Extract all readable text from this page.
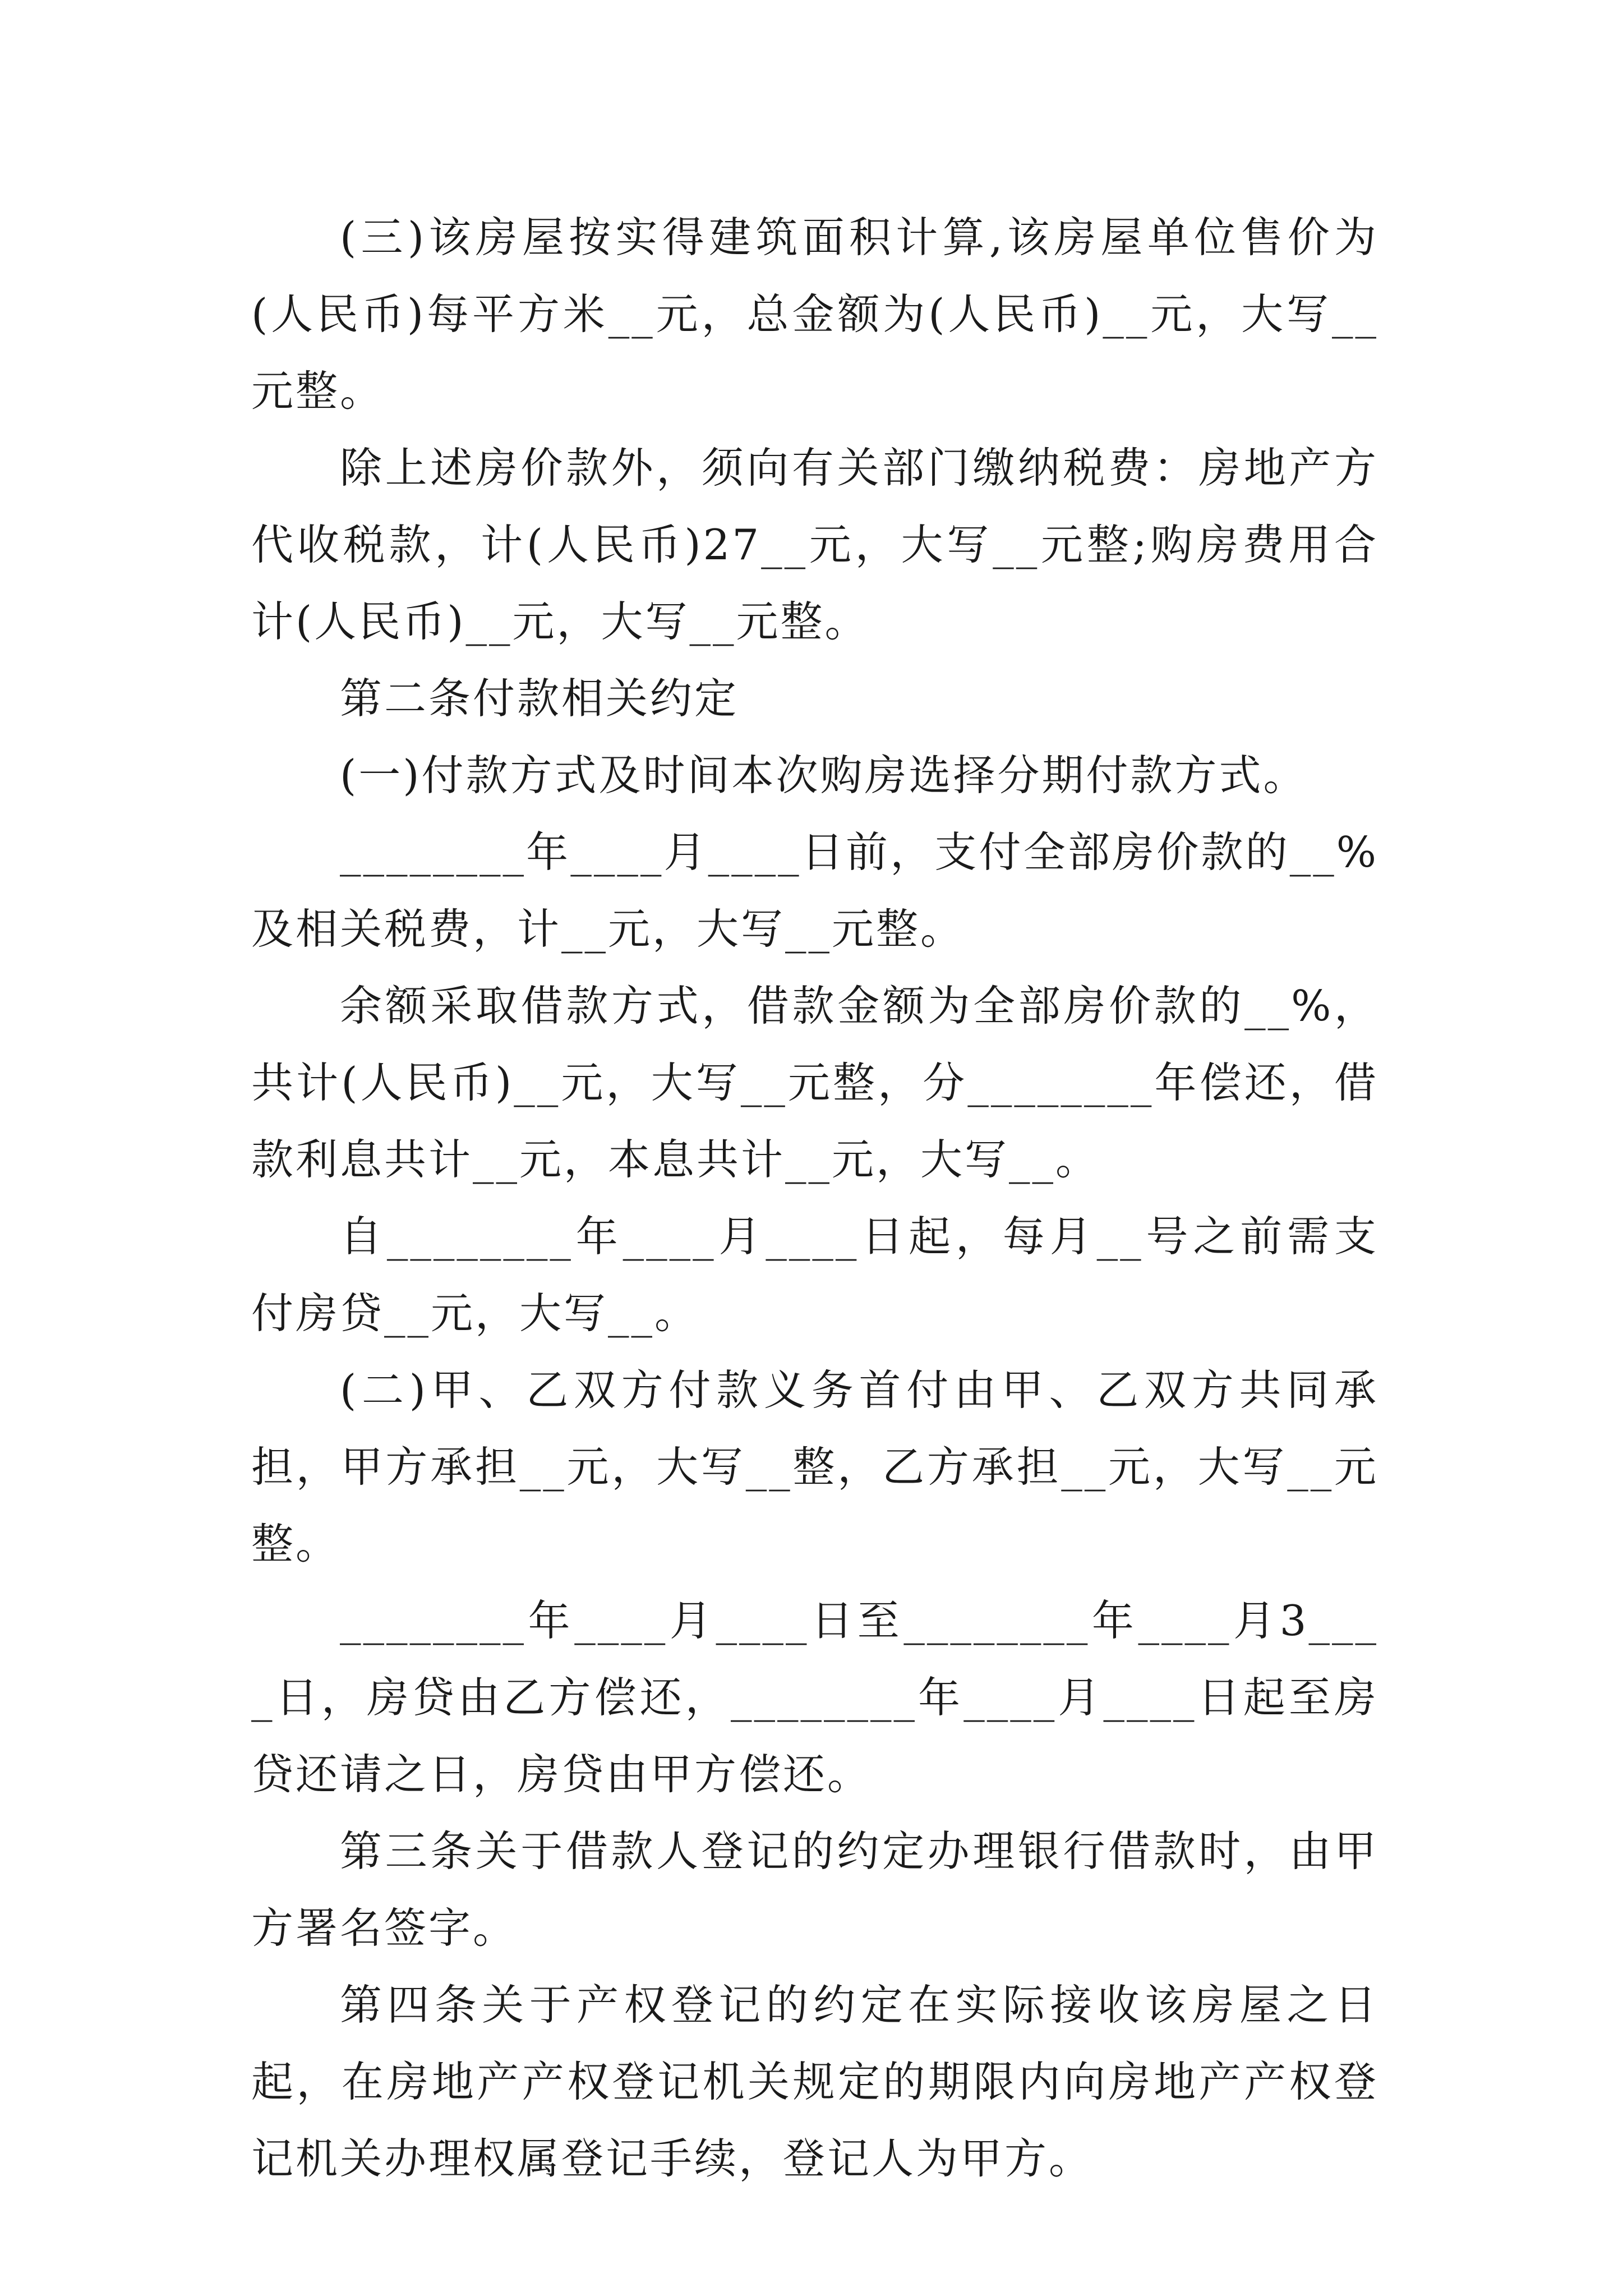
(三)该房屋按实得建筑面积计算,该房屋单位售价为(人民币)每平方米__元，总金额为(人民币)__元，大写__元整。

除上述房价款外，须向有关部门缴纳税费：房地产方代收税款，计(人民币)27__元，大写__元整;购房费用合计(人民币)__元，大写__元整。

第二条付款相关约定

(一)付款方式及时间本次购房选择分期付款方式。

________年____月____日前，支付全部房价款的__%及相关税费，计__元，大写__元整。

余额采取借款方式，借款金额为全部房价款的__%，共计(人民币)__元，大写__元整，分________年偿还，借款利息共计__元，本息共计__元，大写__。

自________年____月____日起，每月__号之前需支付房贷__元，大写__。

(二)甲、乙双方付款义务首付由甲、乙双方共同承担，甲方承担__元，大写__整，乙方承担__元，大写__元整。

________年____月____日至________年____月3____日，房贷由乙方偿还，________年____月____日起至房贷还请之日，房贷由甲方偿还。

第三条关于借款人登记的约定办理银行借款时，由甲方署名签字。

第四条关于产权登记的约定在实际接收该房屋之日起，在房地产产权登记机关规定的期限内向房地产产权登记机关办理权属登记手续，登记人为甲方。
